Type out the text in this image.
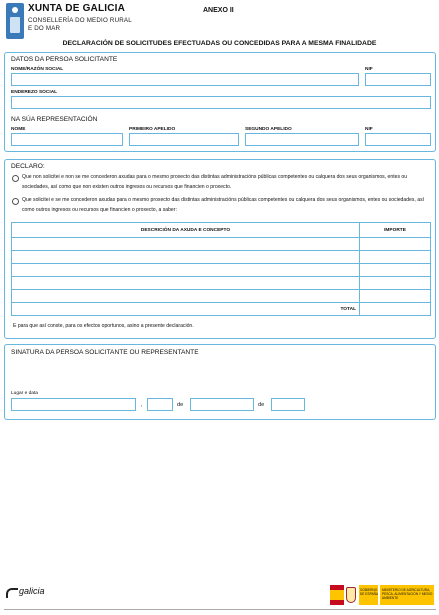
XUNTA DE GALICIA
CONSELLERÍA DO MEDIO RURAL
E DO MAR
ANEXO II
DECLARACIÓN DE SOLICITUDES EFECTUADAS OU CONCEDIDAS PARA A MESMA FINALIDADE
DATOS DA PERSOA SOLICITANTE
NOME/RAZÓN SOCIAL	NIF
ENDEREZO SOCIAL
NA SÚA REPRESENTACIÓN
NOME	PRIMEIRO APELIDO	SEGUNDO APELIDO	NIF
DECLARO:
Que non solicitei e non se me concederon axudas para o mesmo proxecto das distintas administracións públicas competentes ou calquera dos seus organismos, entes ou sociedades, así como que non existen outros ingresos ou recursos que financien o proxecto.
Que solicitei e se me concederon axudas para o mesmo proxecto das distintas administracións públicas competentes ou calquera dos seus organismos, entes ou sociedades, así como outros ingresos ou recursos que financien o proxecto, a saber:
DESCRICIÓN DA AXUDA E CONCEPTO	IMPORTE

TOTAL	
E para que así conste, para os efectos oportunos, asino a presente declaración.
SINATURA DA PERSOA SOLICITANTE OU REPRESENTANTE
Lugar e data
,	de	de
galicia	GOBIERNO DE ESPAÑA
MINISTERIO DE AGRICULTURA, PESCA, ALIMENTACIÓN Y MEDIO AMBIENTE
